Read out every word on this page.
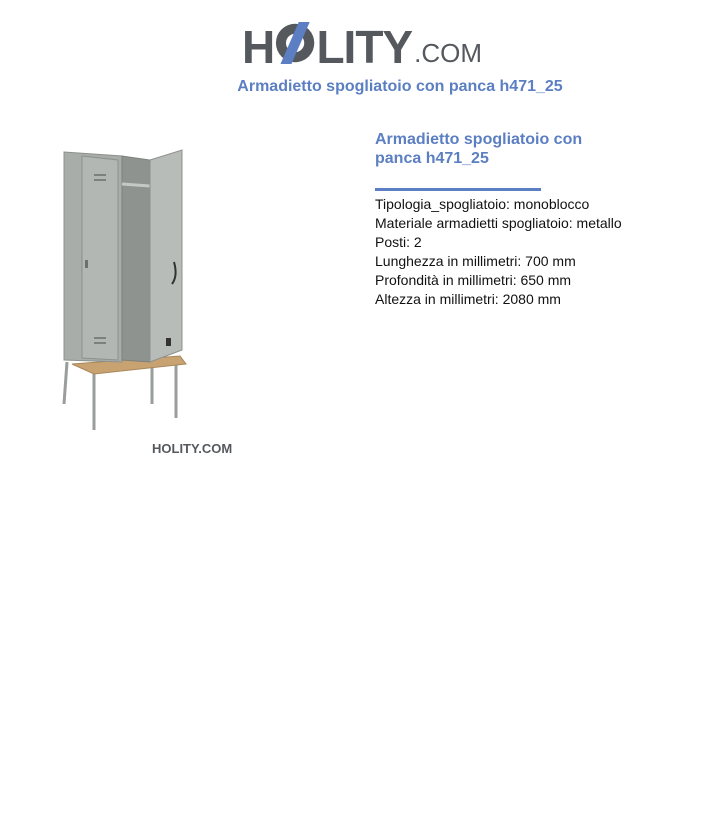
H LITY .COM
Armadietto spogliatoio con panca h471_25
HOLITY.COM
Armadietto spogliatoio con panca h471_25
Tipologia_spogliatoio: monoblocco
Materiale armadietti spogliatoio: metallo
Posti: 2
Lunghezza in millimetri: 700 mm
Profondità in millimetri: 650 mm
Altezza in millimetri: 2080 mm
